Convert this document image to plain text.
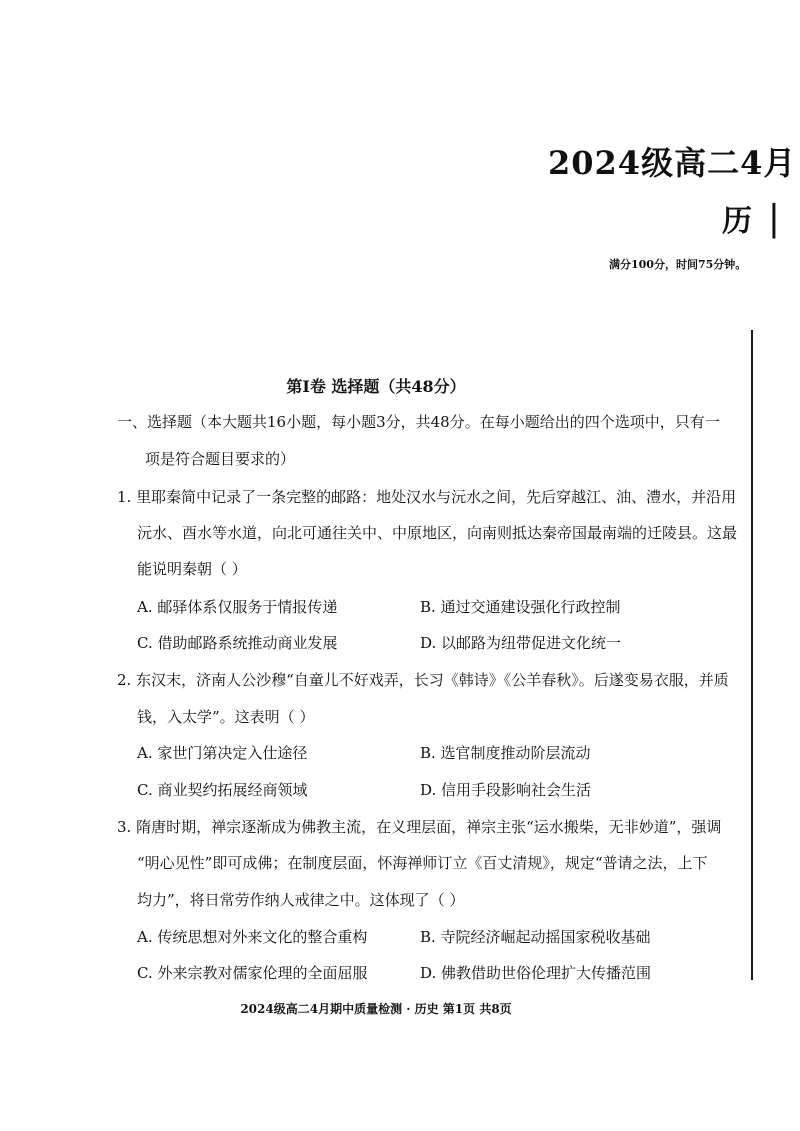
2024级高二4月
历▕
满分100分，时间75分钟。
第Ⅰ卷 选择题（共48分）
一、选择题（本大题共16小题，每小题3分，共48分。在每小题给出的四个选项中，只有一
项是符合题目要求的）
1. 里耶秦简中记录了一条完整的邮路：地处汉水与沅水之间，先后穿越江、油、澧水，并沿用
沅水、酉水等水道，向北可通往关中、中原地区，向南则抵达秦帝国最南端的迁陵县。这最
能说明秦朝（ ）
A. 邮驿体系仅服务于情报传递	B. 通过交通建设强化行政控制
C. 借助邮路系统推动商业发展	D. 以邮路为纽带促进文化统一
2. 东汉末，济南人公沙穆“自童儿不好戏弄，长习《韩诗》《公羊春秋》。后遂变易衣服，并质
钱，入太学”。这表明（ ）
A. 家世门第决定入仕途径	B. 选官制度推动阶层流动
C. 商业契约拓展经商领域	D. 信用手段影响社会生活
3. 隋唐时期，禅宗逐渐成为佛教主流，在义理层面，禅宗主张“运水搬柴，无非妙道”，强调
“明心见性”即可成佛；在制度层面，怀海禅师订立《百丈清规》，规定“普请之法，上下
均力”，将日常劳作纳人戒律之中。这体现了（ ）
A. 传统思想对外来文化的整合重构	B. 寺院经济崛起动摇国家税收基础
C. 外来宗教对儒家伦理的全面屈服	D. 佛教借助世俗伦理扩大传播范围
2024级高二4月期中质量检测 · 历史 第1页 共8页
